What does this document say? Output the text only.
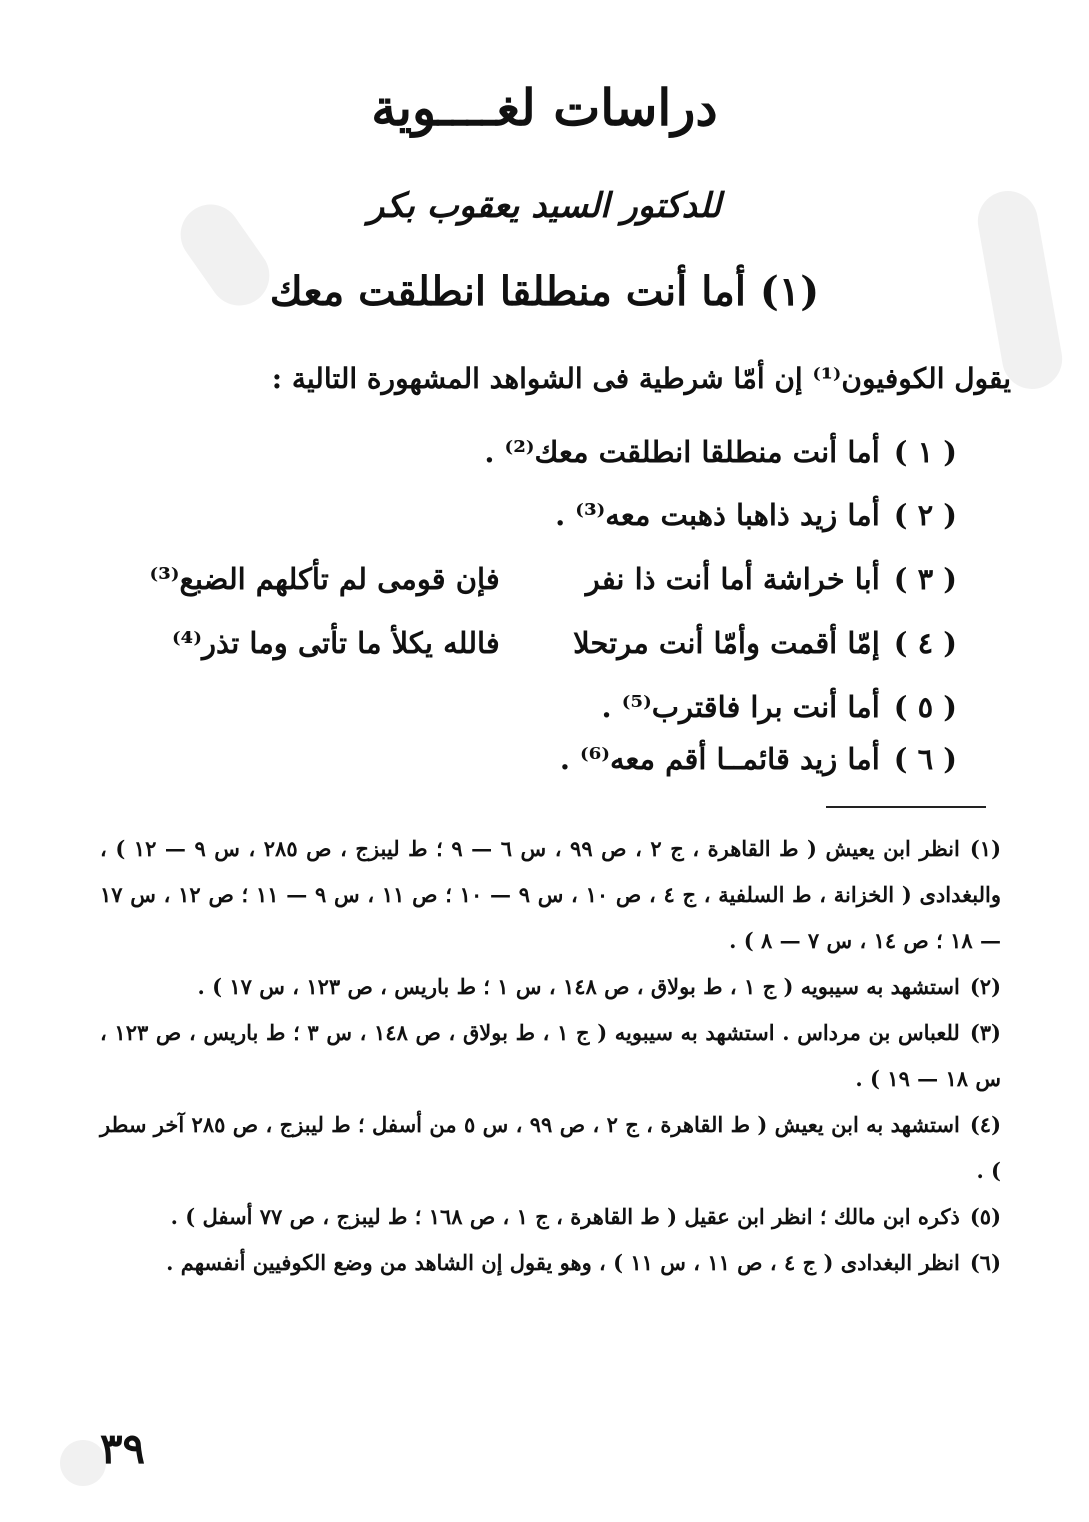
دراسات لغــــوية
للدكتور السيد يعقوب بكر
(١) أما أنت منطلقا انطلقت معك
يقول الكوفيون⁽¹⁾ إن أمّا شرطية فى الشواهد المشهورة التالية :
( ١ )
أما أنت منطلقا انطلقت معك⁽²⁾ .
( ٢ )
أما زيد ذاهبا ذهبت معه⁽³⁾ .
( ٣ )
أبا خراشة أما أنت ذا نفر
فإن قومى لم تأكلهم الضبع⁽³⁾
( ٤ )
إمّا أقمت وأمّا أنت مرتحلا
فالله يكلأ ما تأتى وما تذر⁽⁴⁾
( ٥ )
أما أنت برا فاقترب⁽⁵⁾ .
( ٦ )
أما زيد قائمــا أقم معه⁽⁶⁾ .

(١)انظر ابن يعيش ( ط القاهرة ، ج ٢ ، ص ٩٩ ، س ٦ — ٩ ؛ ط ليبزج ، ص ٢٨٥ ، س ٩ — ١٢ ) ، والبغدادى ( الخزانة ، ط السلفية ، ج ٤ ، ص ١٠ ، س ٩ — ١٠ ؛ ص ١١ ، س ٩ — ١١ ؛ ص ١٢ ، س ١٧ — ١٨ ؛ ص ١٤ ، س ٧ — ٨ ) .

(٢)استشهد به سيبويه ( ج ١ ، ط بولاق ، ص ١٤٨ ، س ١ ؛ ط باريس ، ص ١٢٣ ، س ١٧ ) .

(٣)للعباس بن مرداس . استشهد به سيبويه ( ج ١ ، ط بولاق ، ص ١٤٨ ، س ٣ ؛ ط باريس ، ص ١٢٣ ، س ١٨ — ١٩ ) .

(٤)استشهد به ابن يعيش ( ط القاهرة ، ج ٢ ، ص ٩٩ ، س ٥ من أسفل ؛ ط ليبزج ، ص ٢٨٥ آخر سطر ) .

(٥)ذكره ابن مالك ؛ انظر ابن عقيل ( ط القاهرة ، ج ١ ، ص ١٦٨ ؛ ط ليبزج ، ص ٧٧ أسفل ) .

(٦)انظر البغدادى ( ج ٤ ، ص ١١ ، س ١١ ) ، وهو يقول إن الشاهد من وضع الكوفيين أنفسهم .

٣٩
